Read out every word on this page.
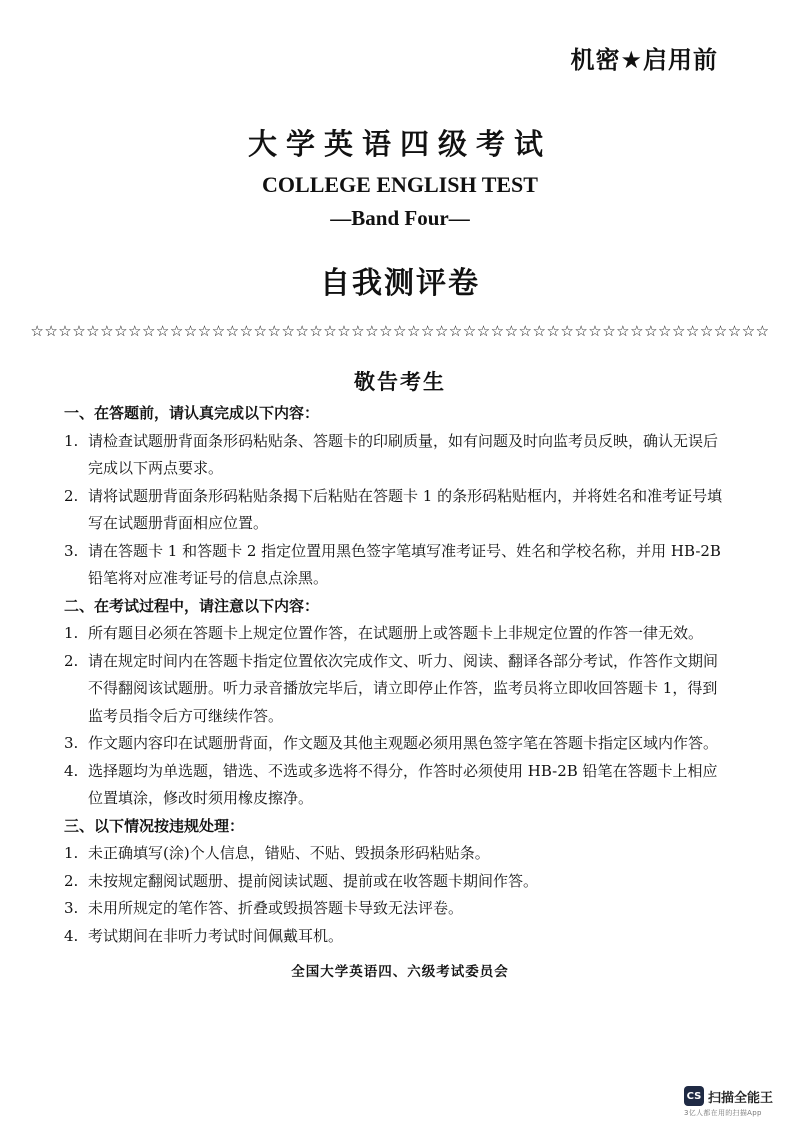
机密★启用前
大学英语四级考试
COLLEGE ENGLISH TEST
—Band Four—
自我测评卷
☆☆☆☆☆☆☆☆☆☆☆☆☆☆☆☆☆☆☆☆☆☆☆☆☆☆☆☆☆☆☆☆☆☆☆☆☆☆☆☆☆☆☆☆☆☆☆☆☆☆☆☆☆
敬告考生
一、在答题前，请认真完成以下内容：
1. 请检查试题册背面条形码粘贴条、答题卡的印刷质量，如有问题及时向监考员反映，确认无误后完成以下两点要求。
2. 请将试题册背面条形码粘贴条揭下后粘贴在答题卡 1 的条形码粘贴框内，并将姓名和准考证号填写在试题册背面相应位置。
3. 请在答题卡 1 和答题卡 2 指定位置用黑色签字笔填写准考证号、姓名和学校名称，并用 HB-2B 铅笔将对应准考证号的信息点涂黑。
二、在考试过程中，请注意以下内容：
1. 所有题目必须在答题卡上规定位置作答，在试题册上或答题卡上非规定位置的作答一律无效。
2. 请在规定时间内在答题卡指定位置依次完成作文、听力、阅读、翻译各部分考试，作答作文期间不得翻阅该试题册。听力录音播放完毕后，请立即停止作答，监考员将立即收回答题卡 1，得到监考员指令后方可继续作答。
3. 作文题内容印在试题册背面，作文题及其他主观题必须用黑色签字笔在答题卡指定区域内作答。
4. 选择题均为单选题，错选、不选或多选将不得分，作答时必须使用 HB-2B 铅笔在答题卡上相应位置填涂，修改时须用橡皮擦净。
三、以下情况按违规处理：
1. 未正确填写(涂)个人信息，错贴、不贴、毁损条形码粘贴条。
2. 未按规定翻阅试题册、提前阅读试题、提前或在收答题卡期间作答。
3. 未用所规定的笔作答、折叠或毁损答题卡导致无法评卷。
4. 考试期间在非听力考试时间佩戴耳机。
全国大学英语四、六级考试委员会
CS 扫描全能王
3亿人都在用的扫描App
